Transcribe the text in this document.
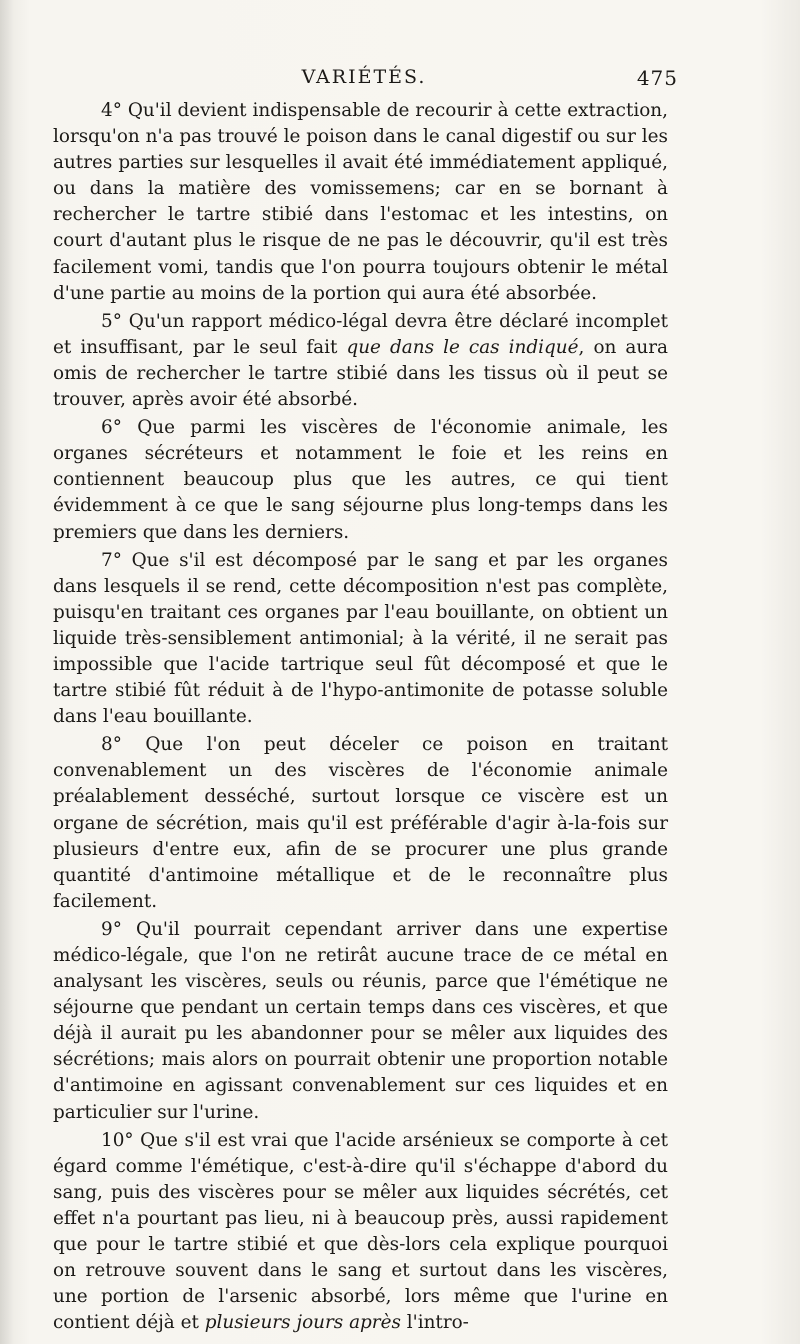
VARIÉTÉS.	475

4° Qu'il devient indispensable de recourir à cette extraction, lorsqu'on n'a pas trouvé le poison dans le canal digestif ou sur les autres parties sur lesquelles il avait été immédiatement appliqué, ou dans la matière des vomissemens; car en se bornant à rechercher le tartre stibié dans l'estomac et les intestins, on court d'autant plus le risque de ne pas le découvrir, qu'il est très facilement vomi, tandis que l'on pourra toujours obtenir le métal d'une partie au moins de la portion qui aura été absorbée.

5° Qu'un rapport médico-légal devra être déclaré incomplet et insuffisant, par le seul fait que dans le cas indiqué, on aura omis de rechercher le tartre stibié dans les tissus où il peut se trouver, après avoir été absorbé.

6° Que parmi les viscères de l'économie animale, les organes sécréteurs et notamment le foie et les reins en contiennent beaucoup plus que les autres, ce qui tient évidemment à ce que le sang séjourne plus long-temps dans les premiers que dans les derniers.

7° Que s'il est décomposé par le sang et par les organes dans lesquels il se rend, cette décomposition n'est pas complète, puisqu'en traitant ces organes par l'eau bouillante, on obtient un liquide très-sensiblement antimonial; à la vérité, il ne serait pas impossible que l'acide tartrique seul fût décomposé et que le tartre stibié fût réduit à de l'hypo-antimonite de potasse soluble dans l'eau bouillante.

8° Que l'on peut déceler ce poison en traitant convenablement un des viscères de l'économie animale préalablement desséché, surtout lorsque ce viscère est un organe de sécrétion, mais qu'il est préférable d'agir à-la-fois sur plusieurs d'entre eux, afin de se procurer une plus grande quantité d'antimoine métallique et de le reconnaître plus facilement.

9° Qu'il pourrait cependant arriver dans une expertise médico-légale, que l'on ne retirât aucune trace de ce métal en analysant les viscères, seuls ou réunis, parce que l'émétique ne séjourne que pendant un certain temps dans ces viscères, et que déjà il aurait pu les abandonner pour se mêler aux liquides des sécrétions; mais alors on pourrait obtenir une proportion notable d'antimoine en agissant convenablement sur ces liquides et en particulier sur l'urine.

10° Que s'il est vrai que l'acide arsénieux se comporte à cet égard comme l'émétique, c'est-à-dire qu'il s'échappe d'abord du sang, puis des viscères pour se mêler aux liquides sécrétés, cet effet n'a pourtant pas lieu, ni à beaucoup près, aussi rapidement que pour le tartre stibié et que dès-lors cela explique pourquoi on retrouve souvent dans le sang et surtout dans les viscères, une portion de l'arsenic absorbé, lors même que l'urine en contient déjà et plusieurs jours après l'intro-
